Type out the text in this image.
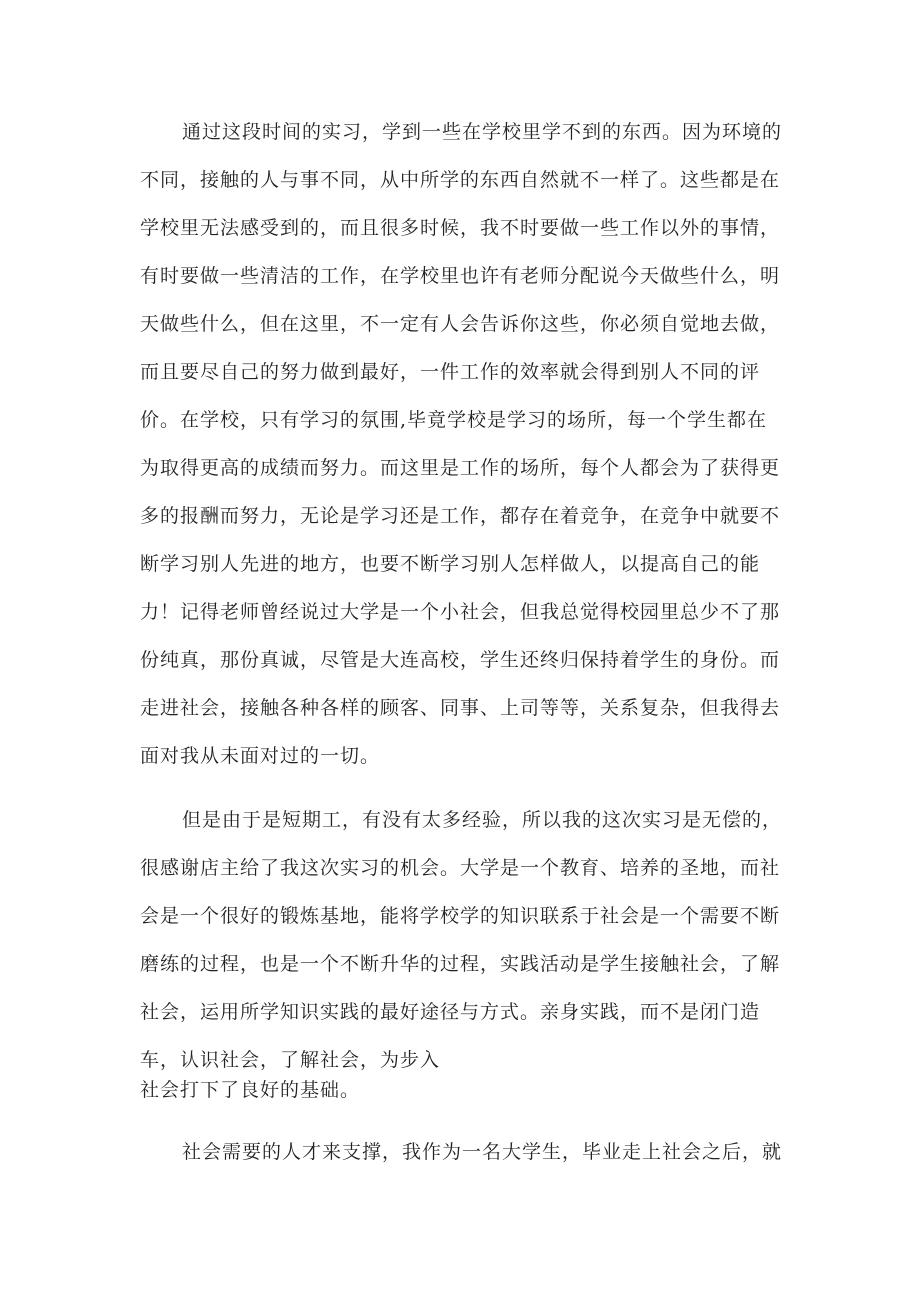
通过这段时间的实习，学到一些在学校里学不到的东西。因为环境的
不同，接触的人与事不同，从中所学的东西自然就不一样了。这些都是在
学校里无法感受到的，而且很多时候，我不时要做一些工作以外的事情，
有时要做一些清洁的工作，在学校里也许有老师分配说今天做些什么，明
天做些什么，但在这里，不一定有人会告诉你这些，你必须自觉地去做，
而且要尽自己的努力做到最好，一件工作的效率就会得到别人不同的评
价。在学校，只有学习的氛围,毕竟学校是学习的场所，每一个学生都在
为取得更高的成绩而努力。而这里是工作的场所，每个人都会为了获得更
多的报酬而努力，无论是学习还是工作，都存在着竞争，在竞争中就要不
断学习别人先进的地方，也要不断学习别人怎样做人，以提高自己的能
力！记得老师曾经说过大学是一个小社会，但我总觉得校园里总少不了那
份纯真，那份真诚，尽管是大连高校，学生还终归保持着学生的身份。而
走进社会，接触各种各样的顾客、同事、上司等等，关系复杂，但我得去
面对我从未面对过的一切。
但是由于是短期工，有没有太多经验，所以我的这次实习是无偿的，
很感谢店主给了我这次实习的机会。大学是一个教育、培养的圣地，而社
会是一个很好的锻炼基地，能将学校学的知识联系于社会是一个需要不断
磨练的过程，也是一个不断升华的过程，实践活动是学生接触社会，了解
社会，运用所学知识实践的最好途径与方式。亲身实践，而不是闭门造
车，认识社会，了解社会，为步入
社会打下了良好的基础。
社会需要的人才来支撑，我作为一名大学生，毕业走上社会之后，就
